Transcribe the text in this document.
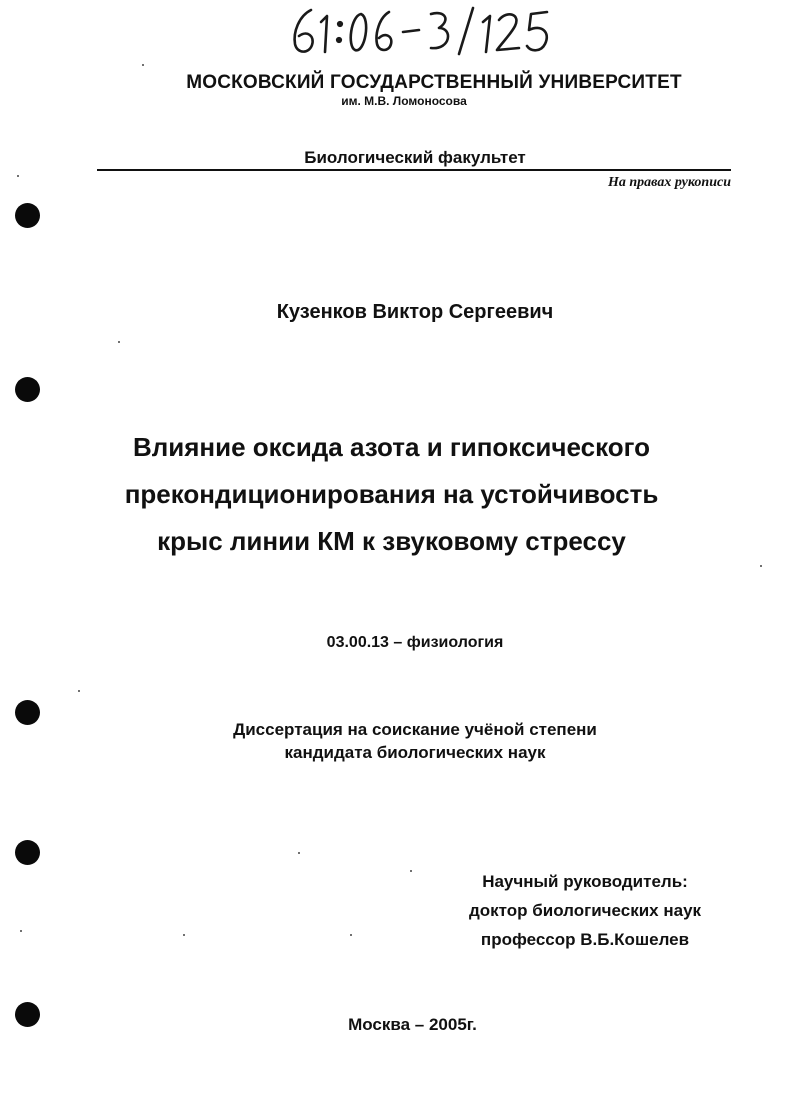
МОСКОВСКИЙ ГОСУДАРСТВЕННЫЙ УНИВЕРСИТЕТ
им. М.В. Ломоносова
Биологический факультет
На правах рукописи
Кузенков Виктор Сергеевич
Влияние оксида азота и гипоксического
прекондиционирования на устойчивость
крыс линии КМ к звуковому стрессу
03.00.13 – физиология
Диссертация на соискание учёной степени
кандидата биологических наук
Научный руководитель:
доктор биологических наук
профессор В.Б.Кошелев
Москва – 2005г.
